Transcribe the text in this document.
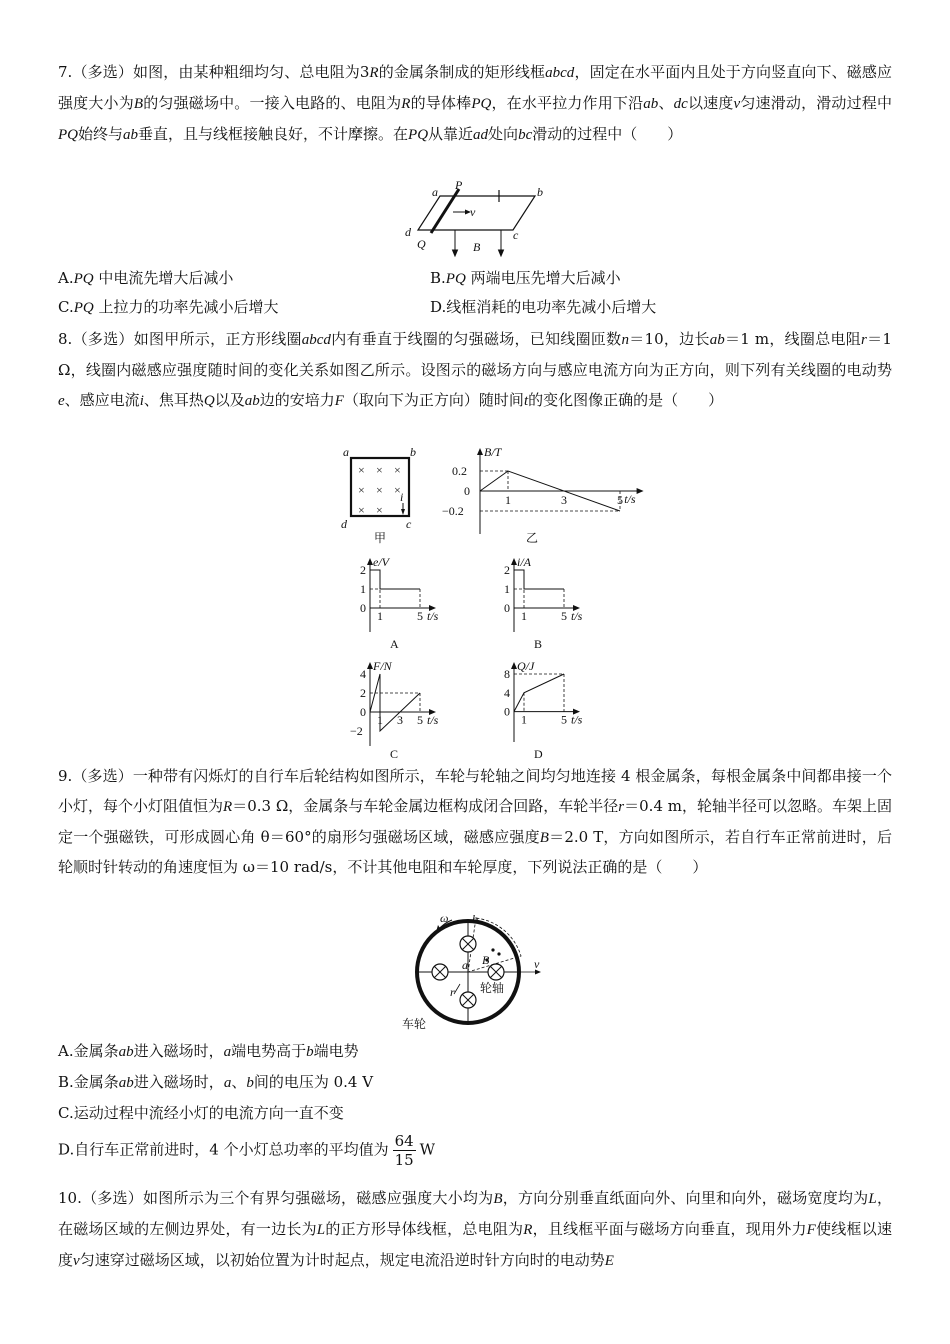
7.（多选）如图，由某种粗细均匀、总电阻为3R的金属条制成的矩形线框abcd，固定在水平面内且处于方向竖直向下、磁感应强度大小为B的匀强磁场中。一接入电路的、电阻为R的导体棒PQ，在水平拉力作用下沿ab、dc以速度v匀速滑动，滑动过程中PQ始终与ab垂直，且与线框接触良好，不计摩擦。在PQ从靠近ad处向bc滑动的过程中（　　）
a P	b
d	c
Q
v
B
A.PQ 中电流先增大后减小	B.PQ 两端电压先增大后减小
C.PQ 上拉力的功率先减小后增大	D.线框消耗的电功率先减小后增大
8.（多选）如图甲所示，正方形线圈abcd内有垂直于线圈的匀强磁场，已知线圈匝数n＝10，边长ab＝1 m，线圈总电阻r＝1 Ω，线圈内磁感应强度随时间的变化关系如图乙所示。设图示的磁场方向与感应电流方向为正方向，则下列有关线圈的电动势e、感应电流i、焦耳热Q以及ab边的安培力F（取向下为正方向）随时间t的变化图像正确的是（　　）
× × ×
× × ×
× ×
a	b
d	c
i
甲
B/T
t/s
0.2
0
−0.2
1	3	5
乙
e/V
t/s
2
1
0
1	5
A
i/A
t/s
2
1
0
1	5
B
F/N
t/s
4
2
0
−2
1 3 5
C
Q/J
t/s
8
4
0
1	5
D
9.（多选）一种带有闪烁灯的自行车后轮结构如图所示，车轮与轮轴之间均匀地连接 4 根金属条，每根金属条中间都串接一个小灯，每个小灯阻值恒为R＝0.3 Ω，金属条与车轮金属边框构成闭合回路，车轮半径r＝0.4 m，轮轴半径可以忽略。车架上固定一个强磁铁，可形成圆心角 θ＝60°的扇形匀强磁场区域，磁感应强度B＝2.0 T，方向如图所示，若自行车正常前进时，后轮顺时针转动的角速度恒为 ω＝10 rad/s，不计其他电阻和车轮厚度，下列说法正确的是（　　）
ω b
a B	v
r 轮轴
车轮
A.金属条ab进入磁场时，a端电势高于b端电势
B.金属条ab进入磁场时，a、b间的电压为 0.4 V
C.运动过程中流经小灯的电流方向一直不变
D.自行车正常前进时，4 个小灯总功率的平均值为 $\frac{64}{15}$ W
10.（多选）如图所示为三个有界匀强磁场，磁感应强度大小均为B，方向分别垂直纸面向外、向里和向外，磁场宽度均为L，在磁场区域的左侧边界处，有一边长为L的正方形导体线框，总电阻为R，且线框平面与磁场方向垂直，现用外力F使线框以速度v匀速穿过磁场区域，以初始位置为计时起点，规定电流沿逆时针方向时的电动势E
